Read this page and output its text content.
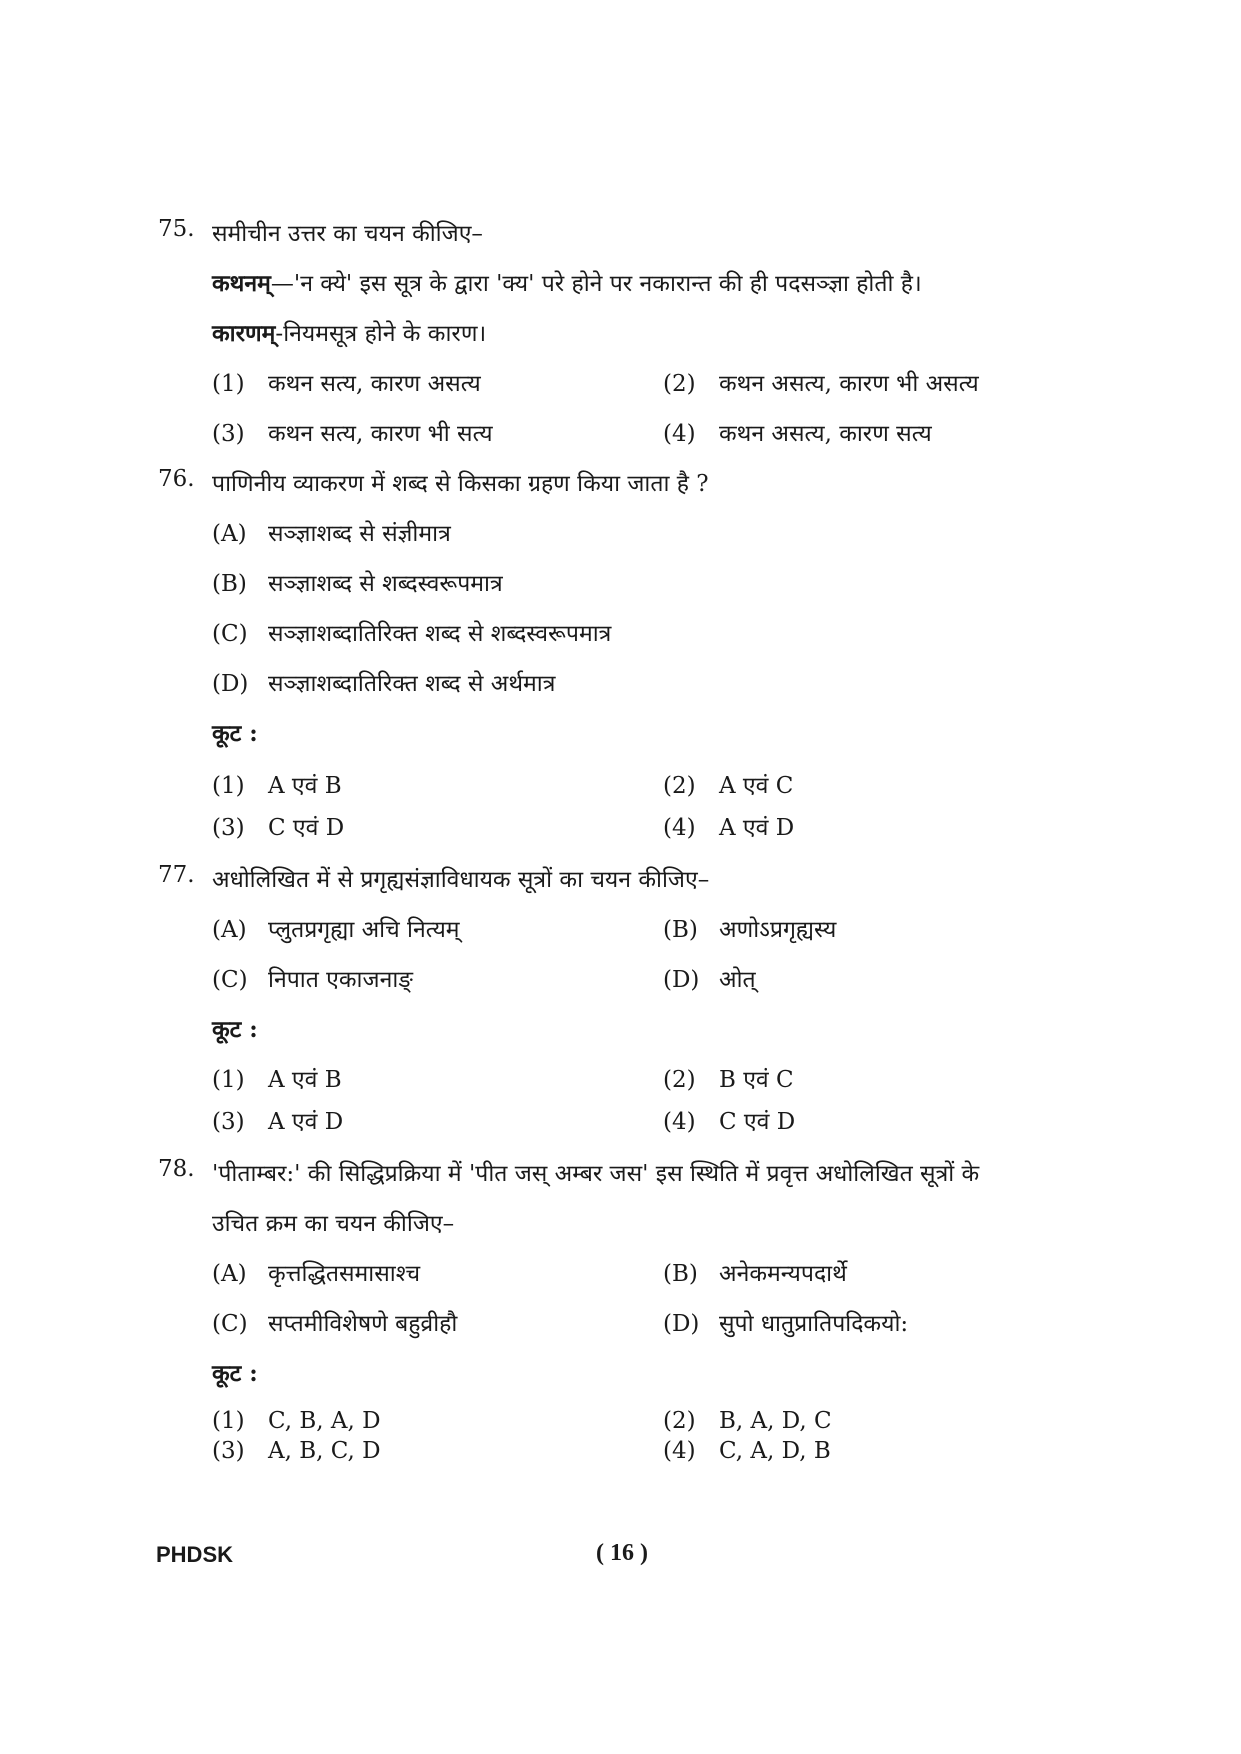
75. समीचीन उत्तर का चयन कीजिए–
कथनम्—'न क्ये' इस सूत्र के द्वारा 'क्य' परे होने पर नकारान्त की ही पदसञ्ज्ञा होती है।
कारणम्-नियमसूत्र होने के कारण।
(1) कथन सत्य, कारण असत्य	(2) कथन असत्य, कारण भी असत्य
(3) कथन सत्य, कारण भी सत्य	(4) कथन असत्य, कारण सत्य
76. पाणिनीय व्याकरण में शब्द से किसका ग्रहण किया जाता है ?
(A) सञ्ज्ञाशब्द से संज्ञीमात्र
(B) सञ्ज्ञाशब्द से शब्दस्वरूपमात्र
(C) सञ्ज्ञाशब्दातिरिक्त शब्द से शब्दस्वरूपमात्र
(D) सञ्ज्ञाशब्दातिरिक्त शब्द से अर्थमात्र
कूट :
(1) A एवं B	(2) A एवं C
(3) C एवं D	(4) A एवं D
77. अधोलिखित में से प्रगृह्यसंज्ञाविधायक सूत्रों का चयन कीजिए–
(A) प्लुतप्रगृह्या अचि नित्यम्	(B) अणोऽप्रगृह्यस्य
(C) निपात एकाजनाङ्	(D) ओत्
कूट :
(1) A एवं B	(2) B एवं C
(3) A एवं D	(4) C एवं D
78. 'पीताम्बर:' की सिद्धिप्रक्रिया में 'पीत जस् अम्बर जस' इस स्थिति में प्रवृत्त अधोलिखित सूत्रों के
उचित क्रम का चयन कीजिए–
(A) कृत्तद्धितसमासाश्च	(B) अनेकमन्यपदार्थे
(C) सप्तमीविशेषणे बहुव्रीहौ	(D) सुपो धातुप्रातिपदिकयो:
कूट :
(1) C, B, A, D	(2) B, A, D, C
(3) A, B, C, D	(4) C, A, D, B
PHDSK	( 16 )
